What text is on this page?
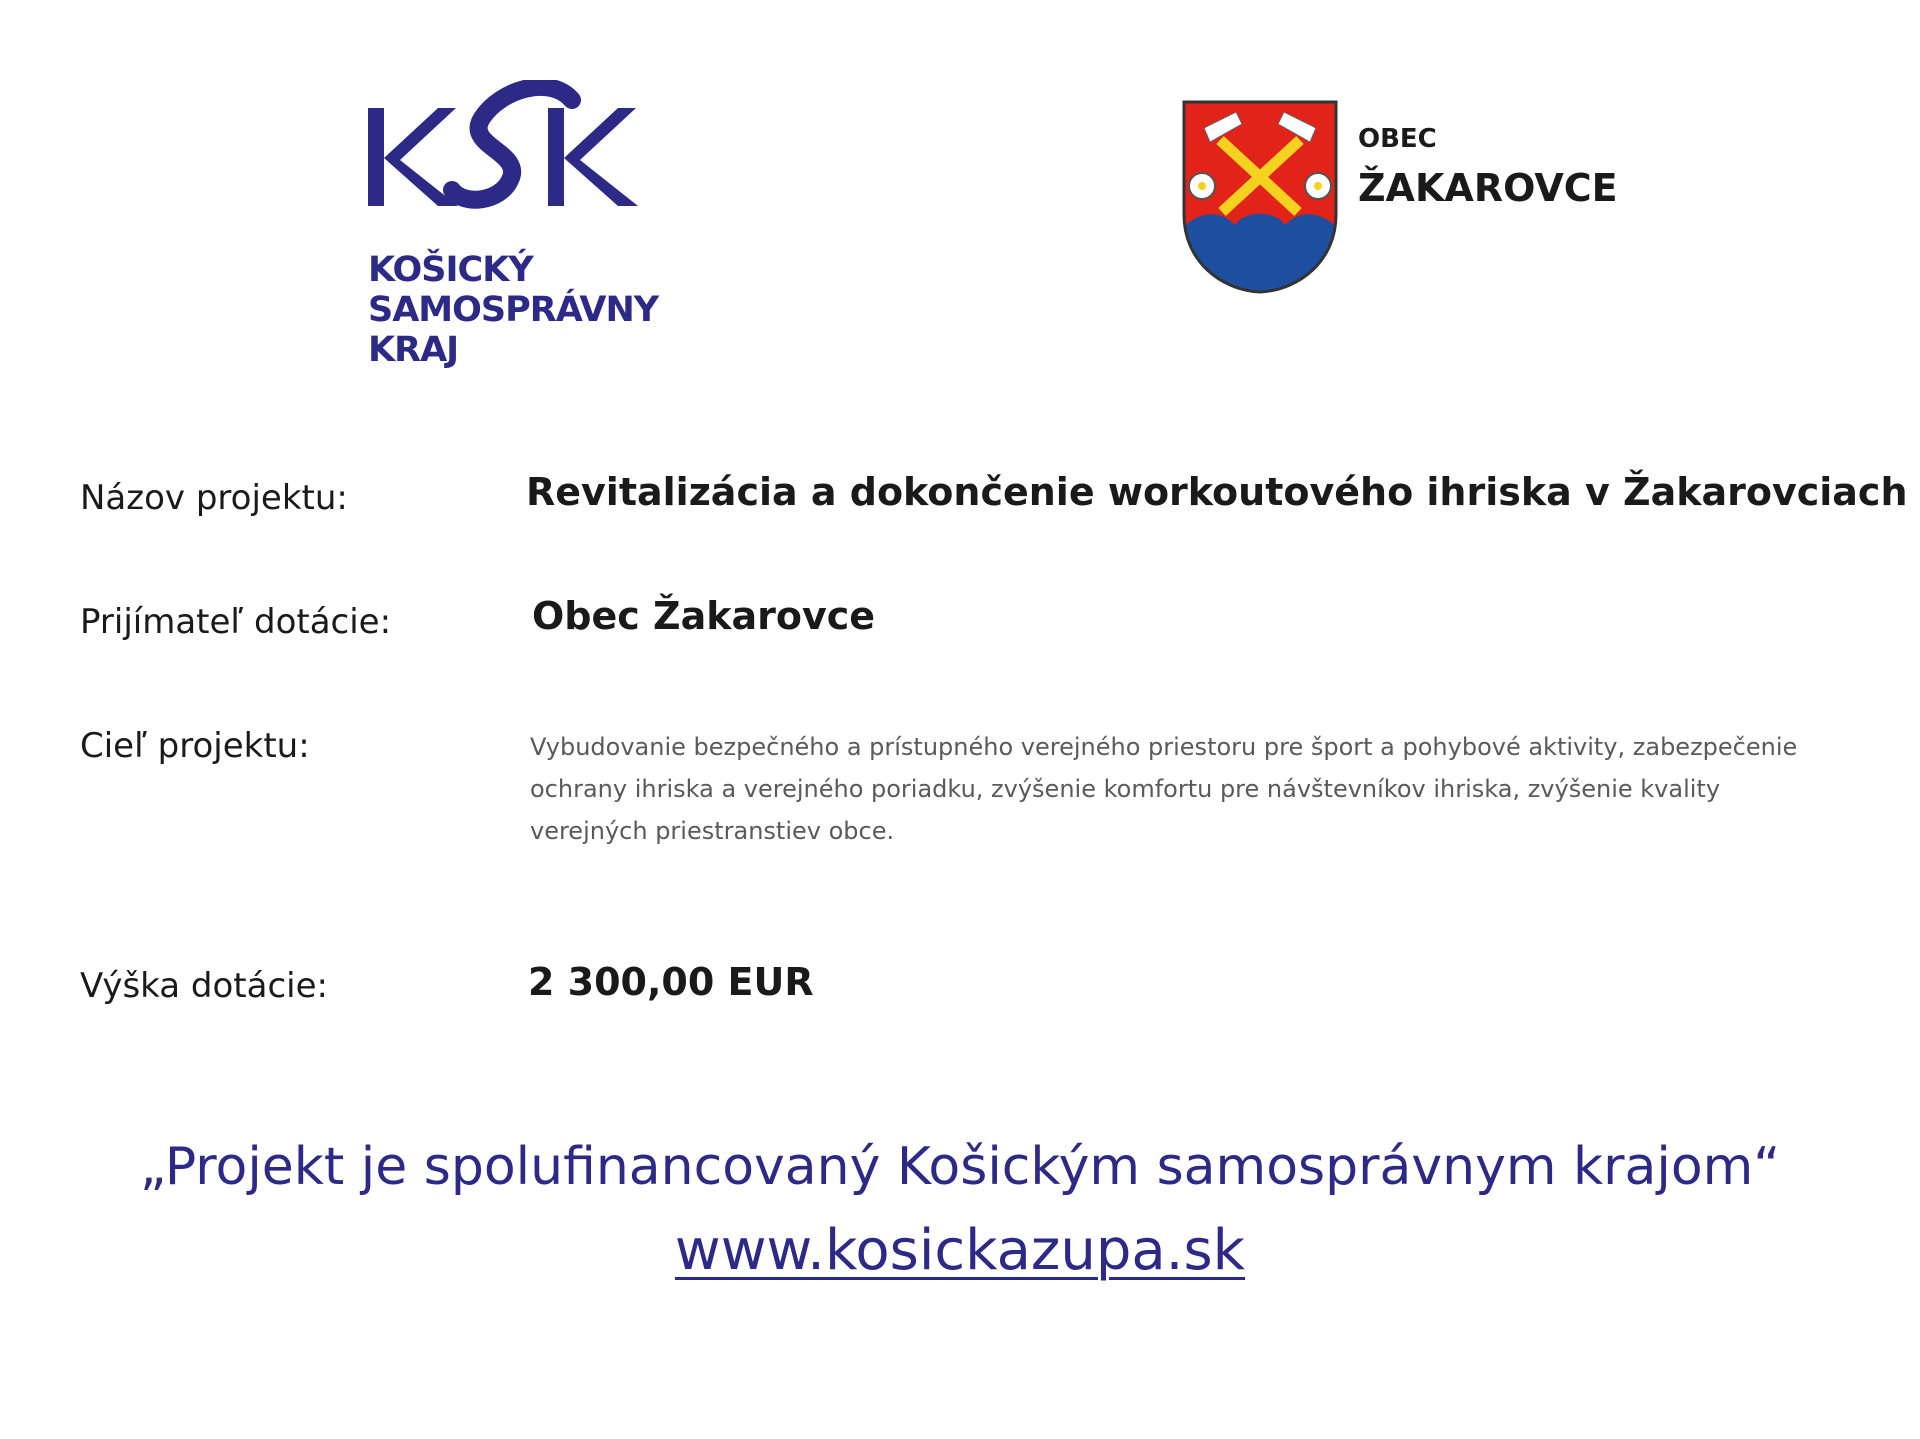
KOŠICKÝ
SAMOSPRÁVNY
KRAJ
OBEC
ŽAKAROVCE
Názov projektu:	Revitalizácia a dokončenie workoutového ihriska v Žakarovciach
Prijímateľ dotácie:	Obec Žakarovce
Cieľ projektu:	Vybudovanie bezpečného a prístupného verejného priestoru pre šport a pohybové aktivity, zabezpečenie ochrany ihriska a verejného poriadku, zvýšenie komfortu pre návštevníkov ihriska, zvýšenie kvality verejných priestranstiev obce.
Výška dotácie:	2 300,00 EUR
„Projekt je spolufinancovaný Košickým samosprávnym krajom“
www.kosickazupa.sk
